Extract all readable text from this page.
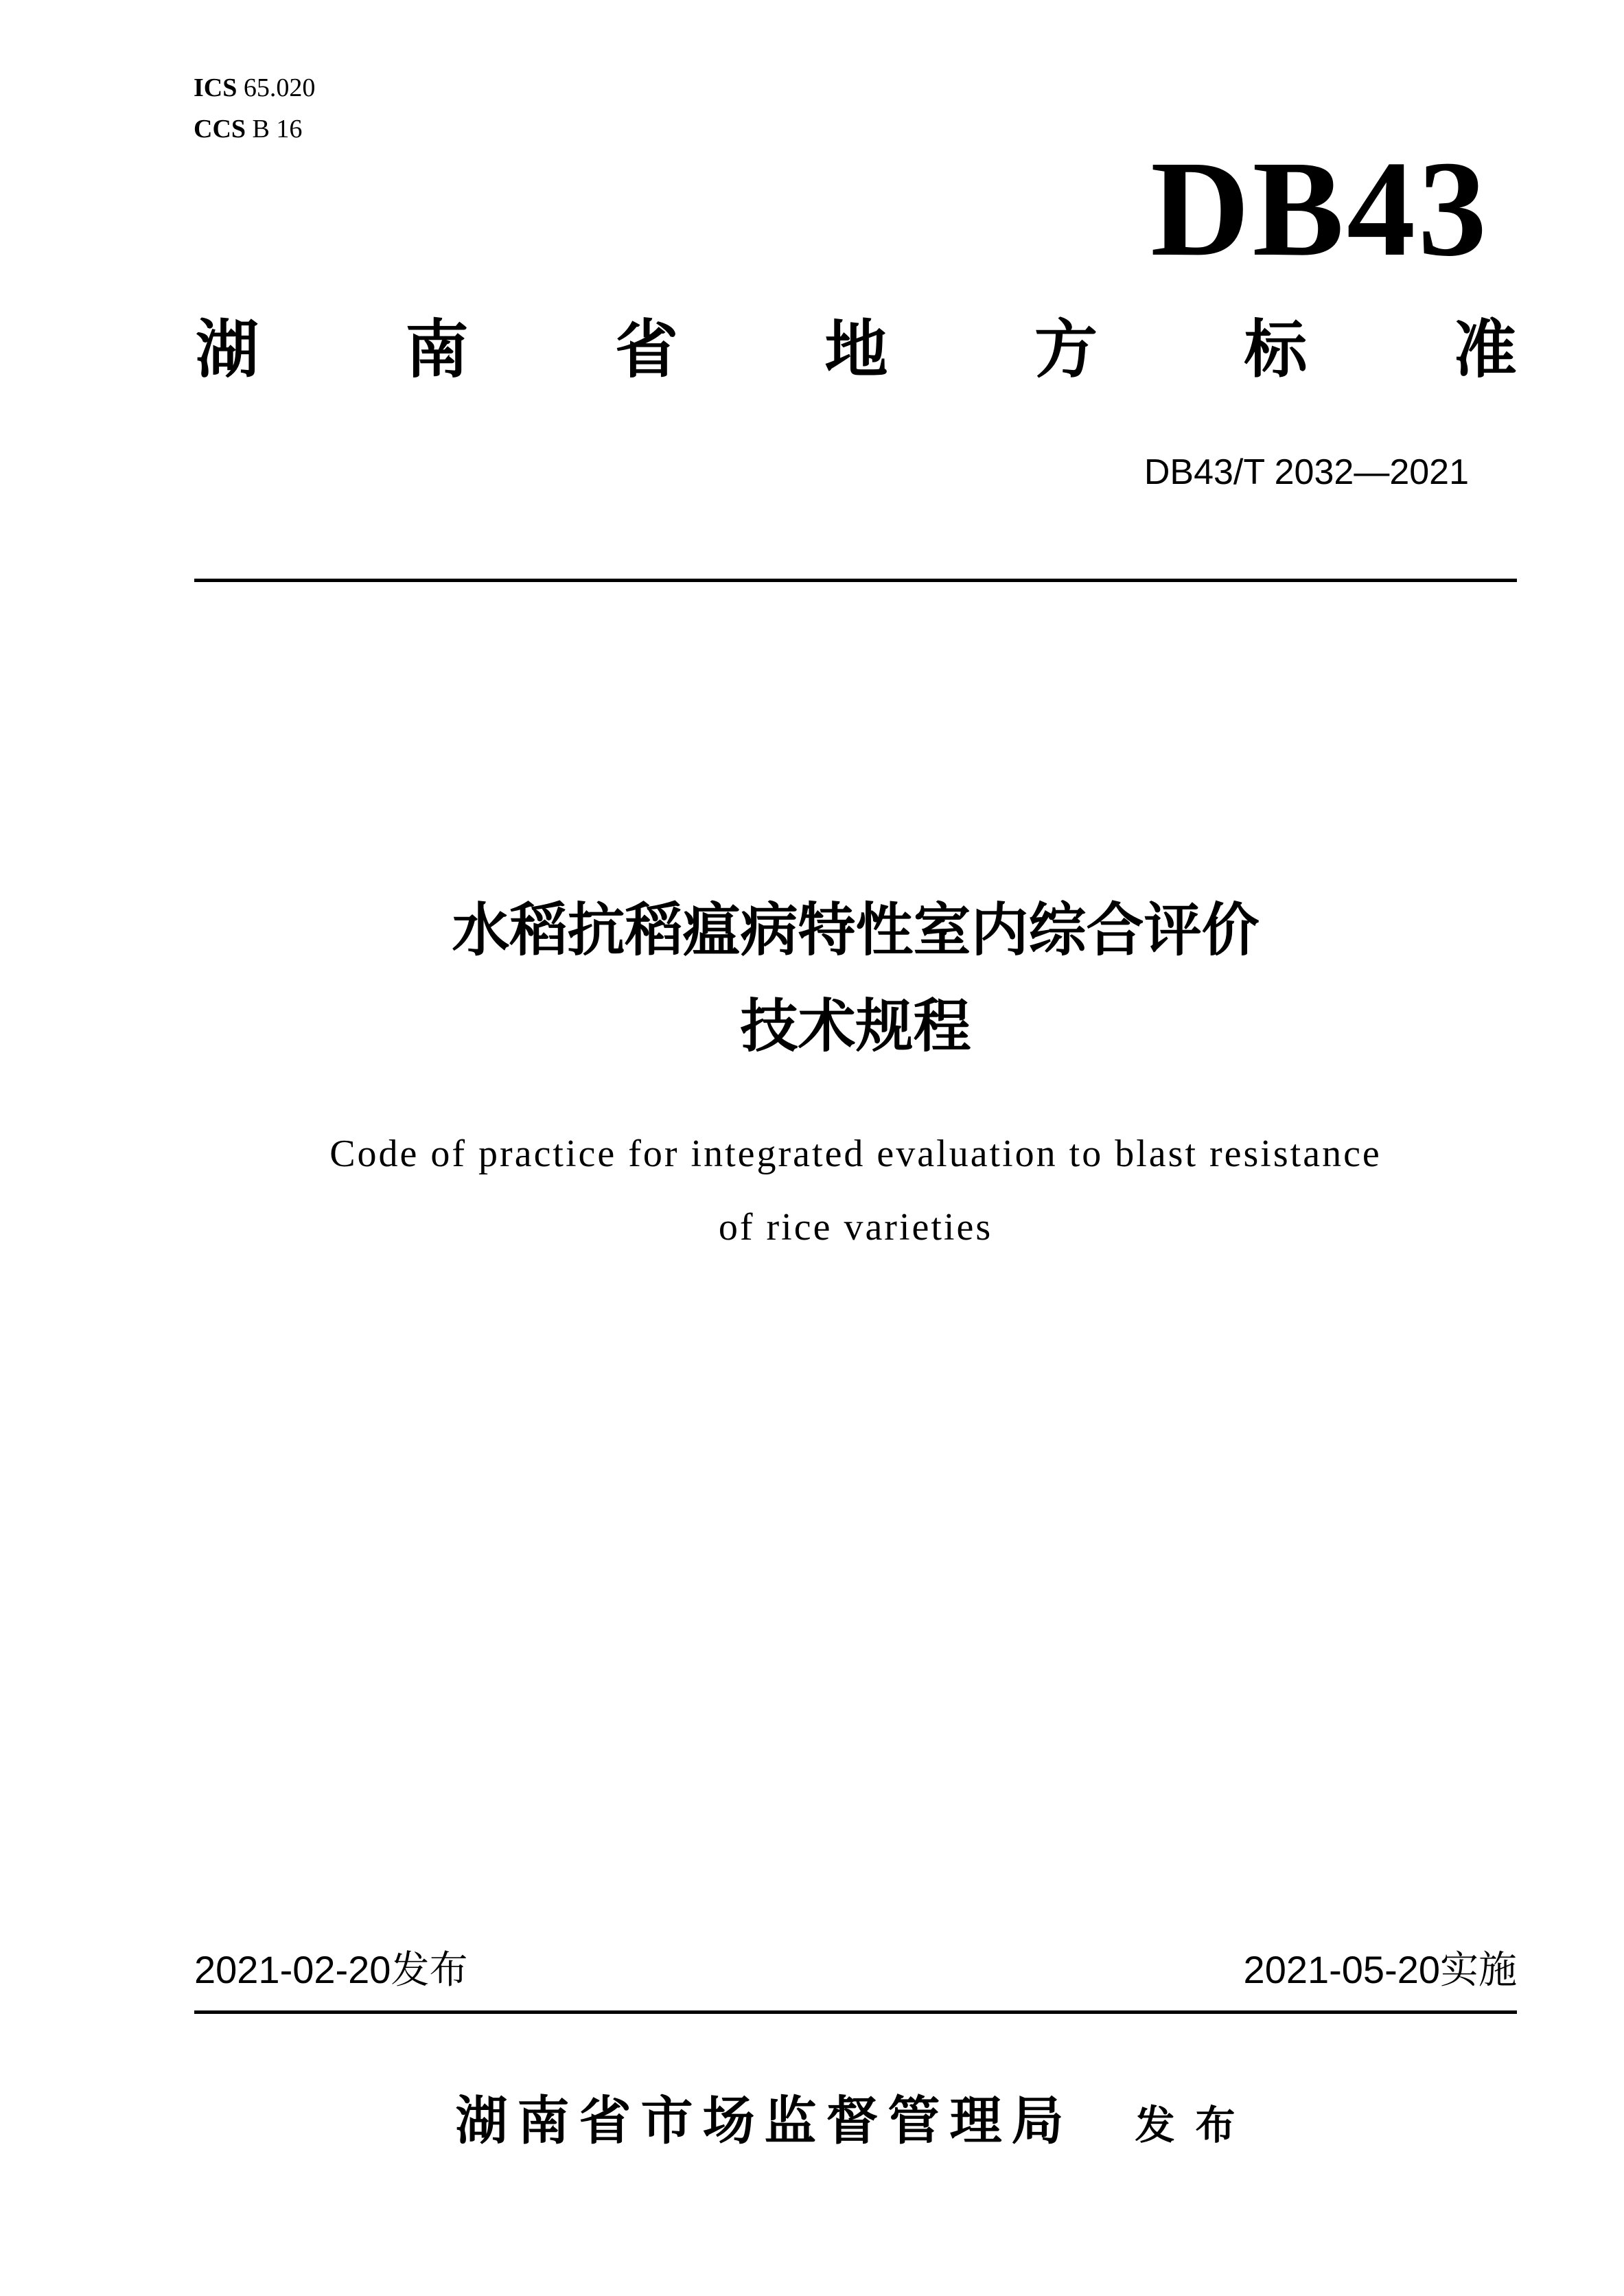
ICS 65.020
CCS B 16
DB43
湖 南 省 地 方 标 准
DB43/T 2032—2021
水稻抗稻瘟病特性室内综合评价
技术规程
Code of practice for integrated evaluation to blast resistance
of rice varieties
2021-02-20发布	2021-05-20实施
湖南省市场监督管理局 发布
